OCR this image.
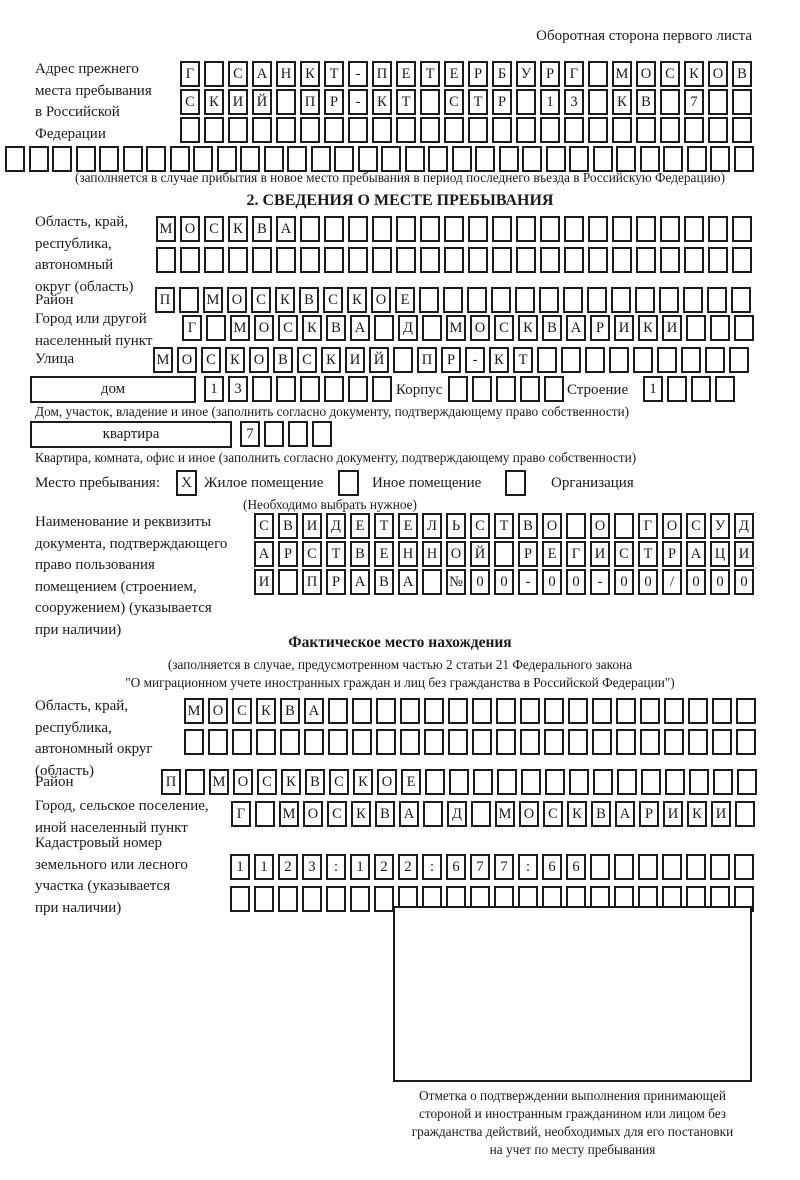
Оборотная сторона первого листа
Адрес прежнего
места пребывания
в Российской
Федерации
Г	С А Н К	Т	-	П Е	Т	Е	Р	Б	У	Р	Г	М О С К О В
С К И Й	П	Р	-	К	Т	С	Т	Р	1	3	К В	7
(заполняется в случае прибытия в новое место пребывания в период последнего въезда в Российскую Федерацию)
2. СВЕДЕНИЯ О МЕСТЕ ПРЕБЫВАНИЯ
Область, край,
республика,
автономный
округ (область)
М О С К В А
Район	П	М О С К В С К О Е
Город или другой
населенный пункт
Г	М О С К В А	Д	М О С К В А	Р	И К И
Улица	М О С К О В С К И Й	П	Р	-	К	Т
дом	1	3	Корпус	Строение	1
Дом, участок, владение и иное (заполнить согласно документу, подтверждающему право собственности)
квартира	7
Квартира, комната, офис и иное (заполнить согласно документу, подтверждающему право собственности)
Место пребывания:	X Жилое помещение	Иное помещение	Организация
(Необходимо выбрать нужное)
Наименование и реквизиты
документа, подтверждающего
право пользования
помещением (строением,
сооружением) (указывается
при наличии)
С В И Д	Е	Т	Е	Л	Ь	С	Т	В О	О	Г	О С У Д
А	Р	С	Т	В	Е Н Н О Й	Р	Е	Г	И С	Т	Р	А Ц И
И	П	Р	А В А	№ 0	0	-	0	0	-	0	0	/	0	0	0
Фактическое место нахождения
(заполняется в случае, предусмотренном частью 2 статьи 21 Федерального закона
"О миграционном учете иностранных граждан и лиц без гражданства в Российской Федерации")
Область, край,
республика,
автономный округ
(область)
М О С К В А
Район	П	М О С К В С К О Е
Город, сельское поселение,
иной населенный пункт
Г	М О С К В А	Д	М О С К В А	Р	И К И
Кадастровый номер
земельного или лесного
участка (указывается
при наличии)
1	1	2	3	:	1	2	2	:	6	7	7	:	6	6
Отметка о подтверждении выполнения принимающей
стороной и иностранным гражданином или лицом без
гражданства действий, необходимых для его постановки
на учет по месту пребывания
